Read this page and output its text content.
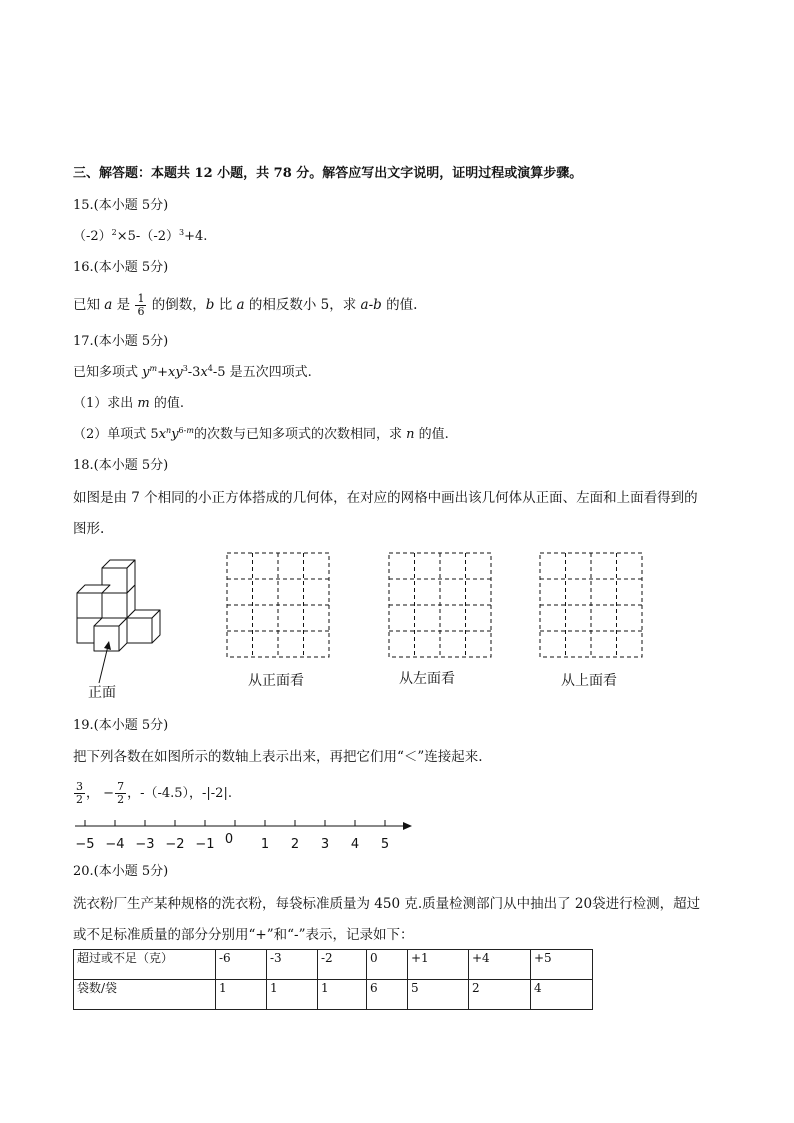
三、解答题：本题共 12 小题，共 78 分。解答应写出文字说明，证明过程或演算步骤。
15.(本小题 5分)
$(-2)^2\times 5-(-2)^3+4$.
16.(本小题 5分)
已知 a 是 $\frac{1}{6}$ 的倒数，b 比 a 的相反数小 5，求 a-b 的值.
17.(本小题 5分)
已知多项式 $y^m+xy^3-3x^4-5$ 是五次四项式.
（1）求出 m 的值.
（2）单项式 $5x^ny^{6-m}$的次数与已知多项式的次数相同，求 n 的值.
18.(本小题 5分)
如图是由 7 个相同的小正方体搭成的几何体，在对应的网格中画出该几何体从正面、左面和上面看得到的
图形.
正面
从正面看	从左面看	从上面看
19.(本小题 5分)
把下列各数在如图所示的数轴上表示出来，再把它们用“＜”连接起来.
$\frac{3}{2}$ ， − $\frac{7}{2}$ ，-（-4.5），-|-2|.
−5 −4 −3 −2 −1 0 1 2 3 4 5
20.(本小题 5分)
洗衣粉厂生产某种规格的洗衣粉，每袋标准质量为 450 克.质量检测部门从中抽出了 20袋进行检测，超过
或不足标准质量的部分分别用“+”和“-”表示，记录如下：
超过或不足（克）	-6	-3	-2	0	+1	+4	+5
袋数/袋	1	1	1	6	5	2	4
